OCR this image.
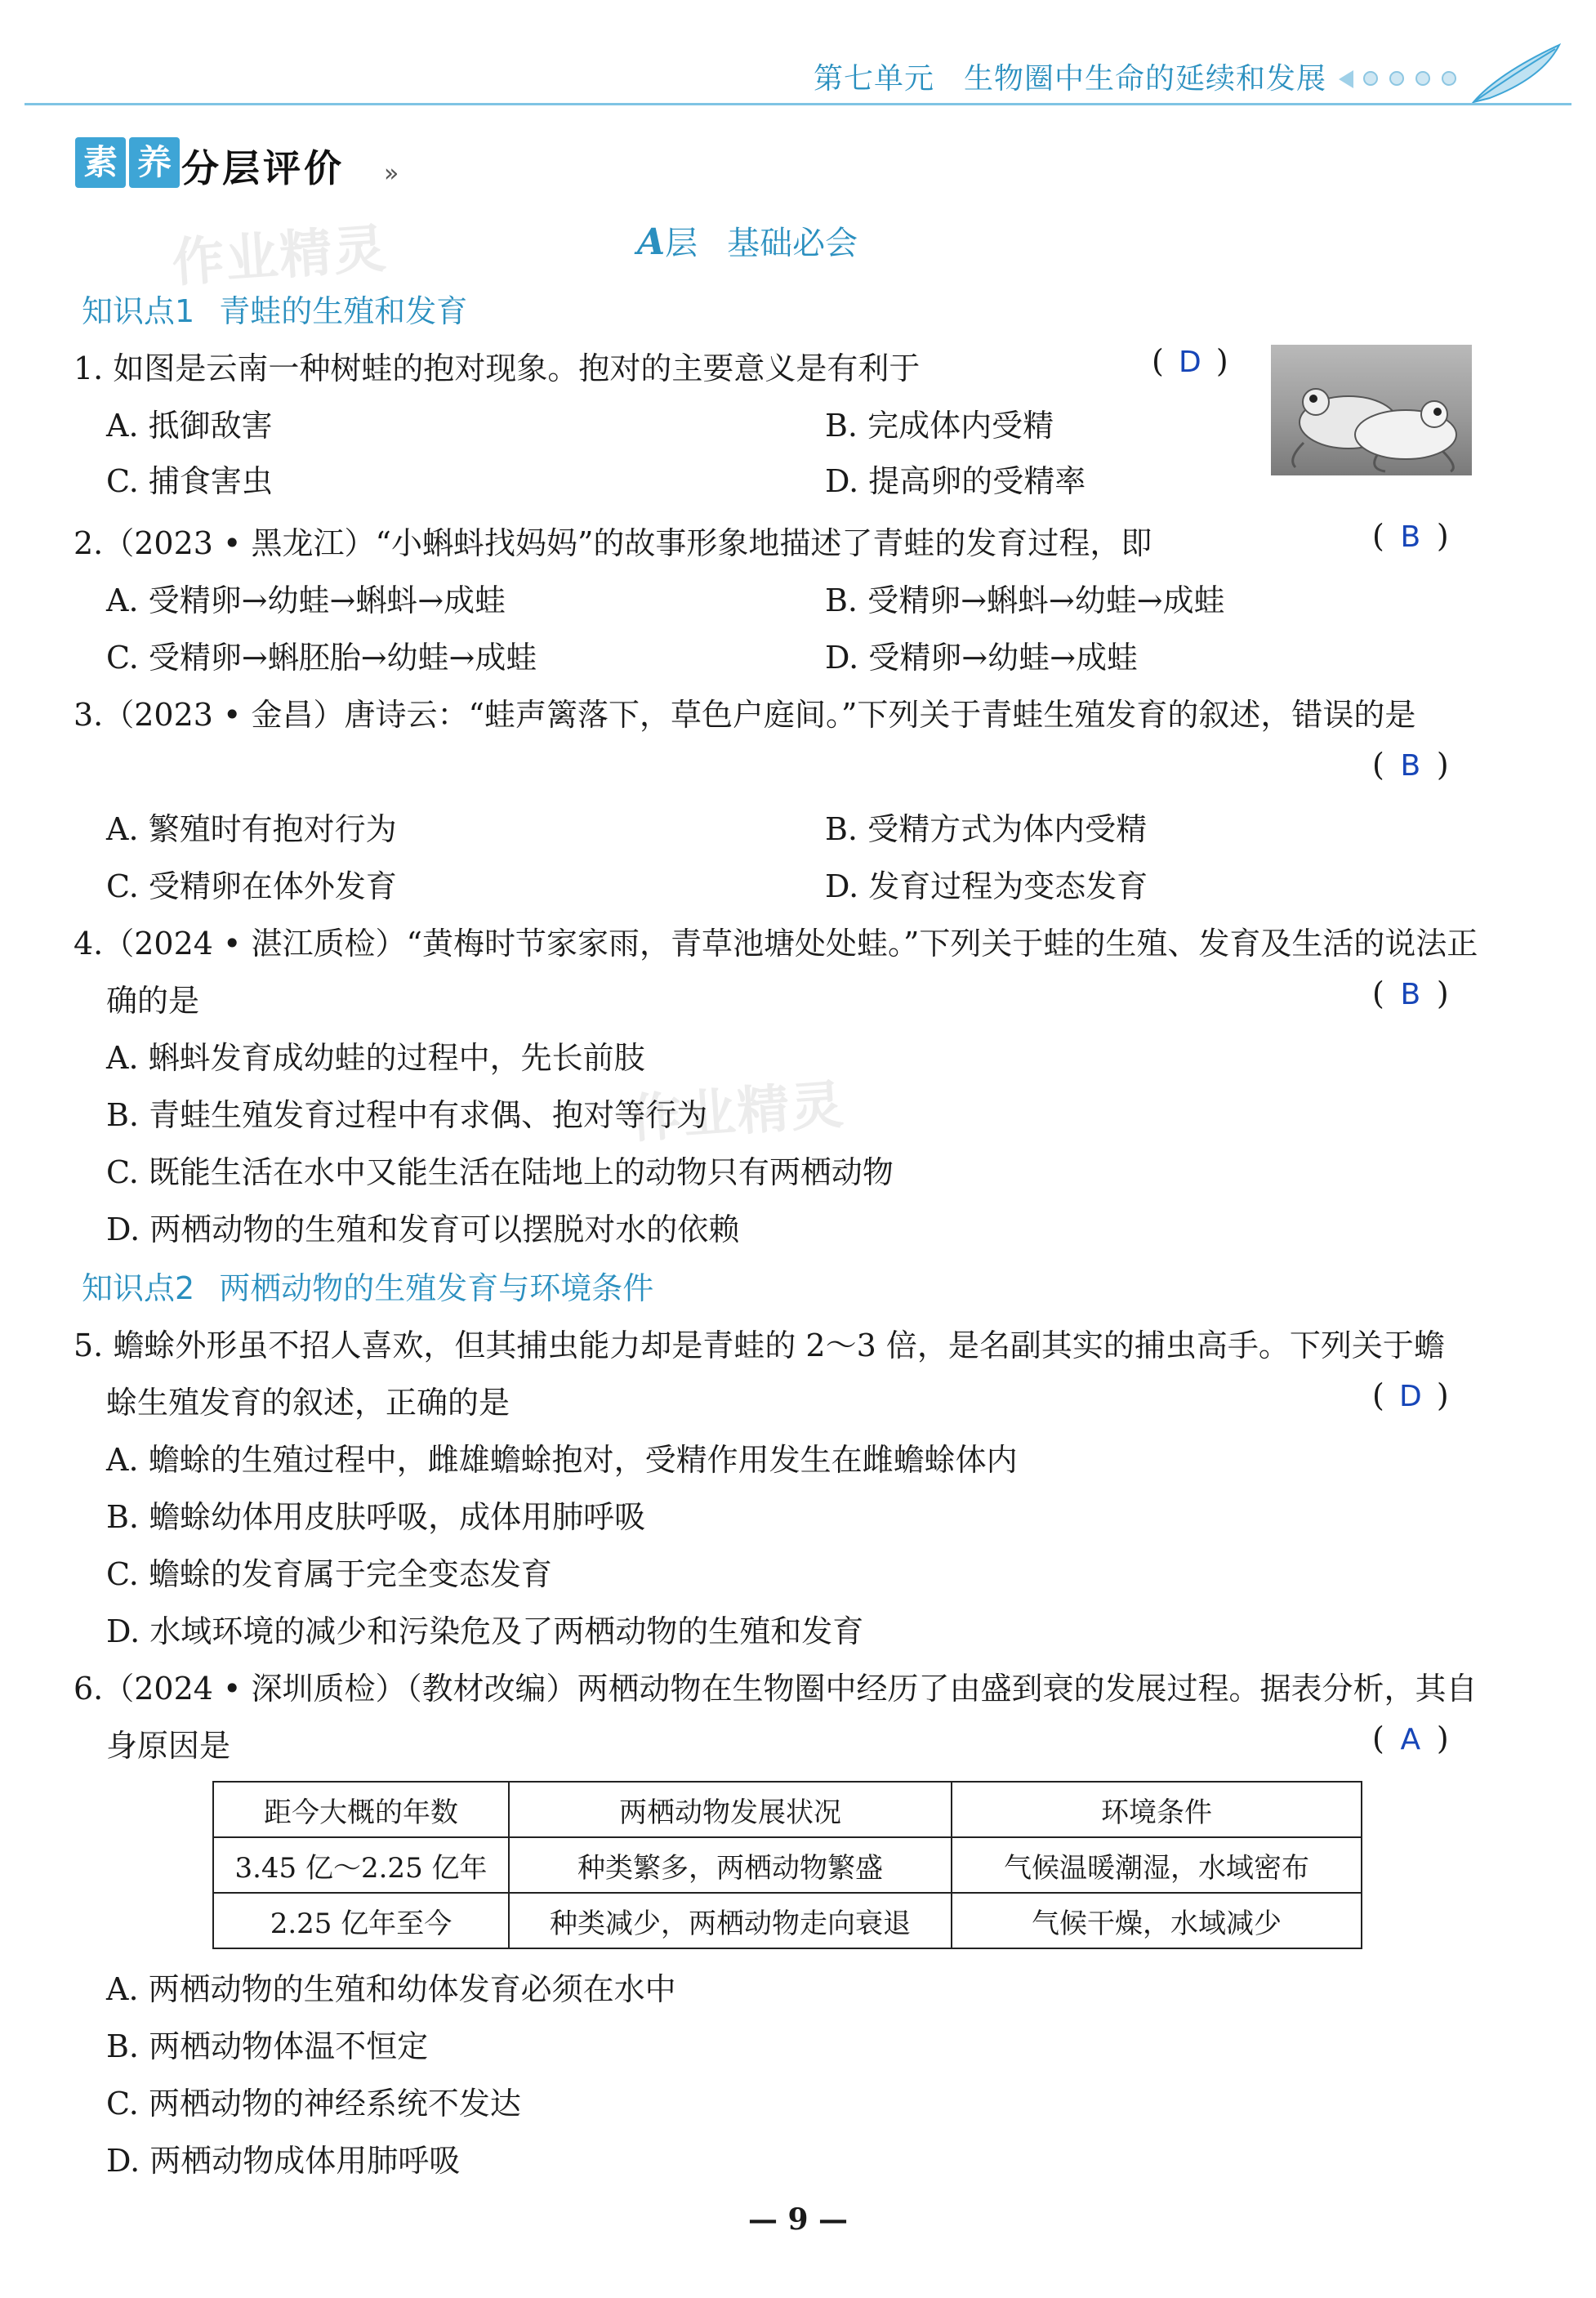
第七单元 生物圈中生命的延续和发展
素 养 分层评价 »
作业精灵
作业精灵
A层 基础必会
知识点1 青蛙的生殖和发育
1. 如图是云南一种树蛙的抱对现象。抱对的主要意义是有利于	( D )
A. 抵御敌害	B. 完成体内受精
C. 捕食害虫	D. 提高卵的受精率
2.（2023 • 黑龙江）“小蝌蚪找妈妈”的故事形象地描述了青蛙的发育过程，即	( B )
A. 受精卵→幼蛙→蝌蚪→成蛙	B. 受精卵→蝌蚪→幼蛙→成蛙
C. 受精卵→蝌胚胎→幼蛙→成蛙	D. 受精卵→幼蛙→成蛙
3.（2023 • 金昌）唐诗云：“蛙声篱落下，草色户庭间。”下列关于青蛙生殖发育的叙述，错误的是
( B )
A. 繁殖时有抱对行为	B. 受精方式为体内受精
C. 受精卵在体外发育	D. 发育过程为变态发育
4.（2024 • 湛江质检）“黄梅时节家家雨，青草池塘处处蛙。”下列关于蛙的生殖、发育及生活的说法正
确的是	( B )
A. 蝌蚪发育成幼蛙的过程中，先长前肢
B. 青蛙生殖发育过程中有求偶、抱对等行为
C. 既能生活在水中又能生活在陆地上的动物只有两栖动物
D. 两栖动物的生殖和发育可以摆脱对水的依赖
知识点2 两栖动物的生殖发育与环境条件
5. 蟾蜍外形虽不招人喜欢，但其捕虫能力却是青蛙的 2～3 倍，是名副其实的捕虫高手。下列关于蟾
蜍生殖发育的叙述，正确的是	( D )
A. 蟾蜍的生殖过程中，雌雄蟾蜍抱对，受精作用发生在雌蟾蜍体内
B. 蟾蜍幼体用皮肤呼吸，成体用肺呼吸
C. 蟾蜍的发育属于完全变态发育
D. 水域环境的减少和污染危及了两栖动物的生殖和发育
6.（2024 • 深圳质检）（教材改编）两栖动物在生物圈中经历了由盛到衰的发展过程。据表分析，其自
身原因是	( A )
距今大概的年数	两栖动物发展状况	环境条件
3.45 亿～2.25 亿年	种类繁多，两栖动物繁盛	气候温暖潮湿，水域密布
2.25 亿年至今	种类减少，两栖动物走向衰退	气候干燥，水域减少
A. 两栖动物的生殖和幼体发育必须在水中
B. 两栖动物体温不恒定
C. 两栖动物的神经系统不发达
D. 两栖动物成体用肺呼吸
— 9 —
